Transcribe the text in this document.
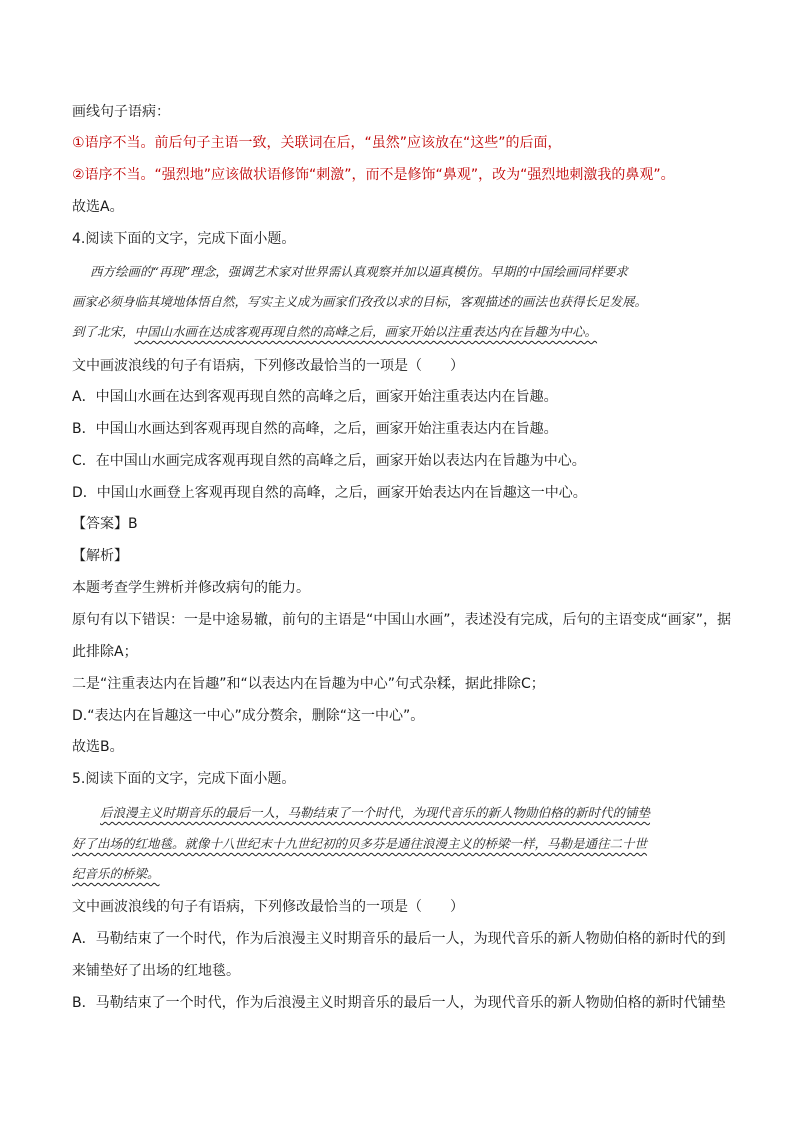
画线句子语病：
①语序不当。前后句子主语一致，关联词在后，“虽然”应该放在“这些”的后面，
②语序不当。“强烈地”应该做状语修饰“刺激”，而不是修饰“鼻观”，改为“强烈地刺激我的鼻观”。
故选A。
4.阅读下面的文字，完成下面小题。
西方绘画的“再现”理念，强调艺术家对世界需认真观察并加以逼真模仿。早期的中国绘画同样要求
画家必须身临其境地体悟自然，写实主义成为画家们孜孜以求的目标，客观描述的画法也获得长足发展。
到了北宋，中国山水画在达成客观再现自然的高峰之后，画家开始以注重表达内在旨趣为中心。
文中画波浪线的句子有语病，下列修改最恰当的一项是（　　）
A．中国山水画在达到客观再现自然的高峰之后，画家开始注重表达内在旨趣。
B．中国山水画达到客观再现自然的高峰，之后，画家开始注重表达内在旨趣。
C．在中国山水画完成客观再现自然的高峰之后，画家开始以表达内在旨趣为中心。
D．中国山水画登上客观再现自然的高峰，之后，画家开始表达内在旨趣这一中心。
【答案】B
【解析】
本题考查学生辨析并修改病句的能力。
原句有以下错误：一是中途易辙，前句的主语是“中国山水画”，表述没有完成，后句的主语变成“画家”，据
此排除A；
二是“注重表达内在旨趣”和“以表达内在旨趣为中心”句式杂糅，据此排除C；
D.“表达内在旨趣这一中心”成分赘余，删除“这一中心”。
故选B。
5.阅读下面的文字，完成下面小题。
后浪漫主义时期音乐的最后一人，马勒结束了一个时代，为现代音乐的新人物勋伯格的新时代的铺垫
好了出场的红地毯。就像十八世纪末十九世纪初的贝多芬是通往浪漫主义的桥梁一样，马勒是通往二十世
纪音乐的桥梁。
文中画波浪线的句子有语病，下列修改最恰当的一项是（　　）
A．马勒结束了一个时代，作为后浪漫主义时期音乐的最后一人，为现代音乐的新人物勋伯格的新时代的到
来铺垫好了出场的红地毯。
B．马勒结束了一个时代，作为后浪漫主义时期音乐的最后一人，为现代音乐的新人物勋伯格的新时代铺垫
